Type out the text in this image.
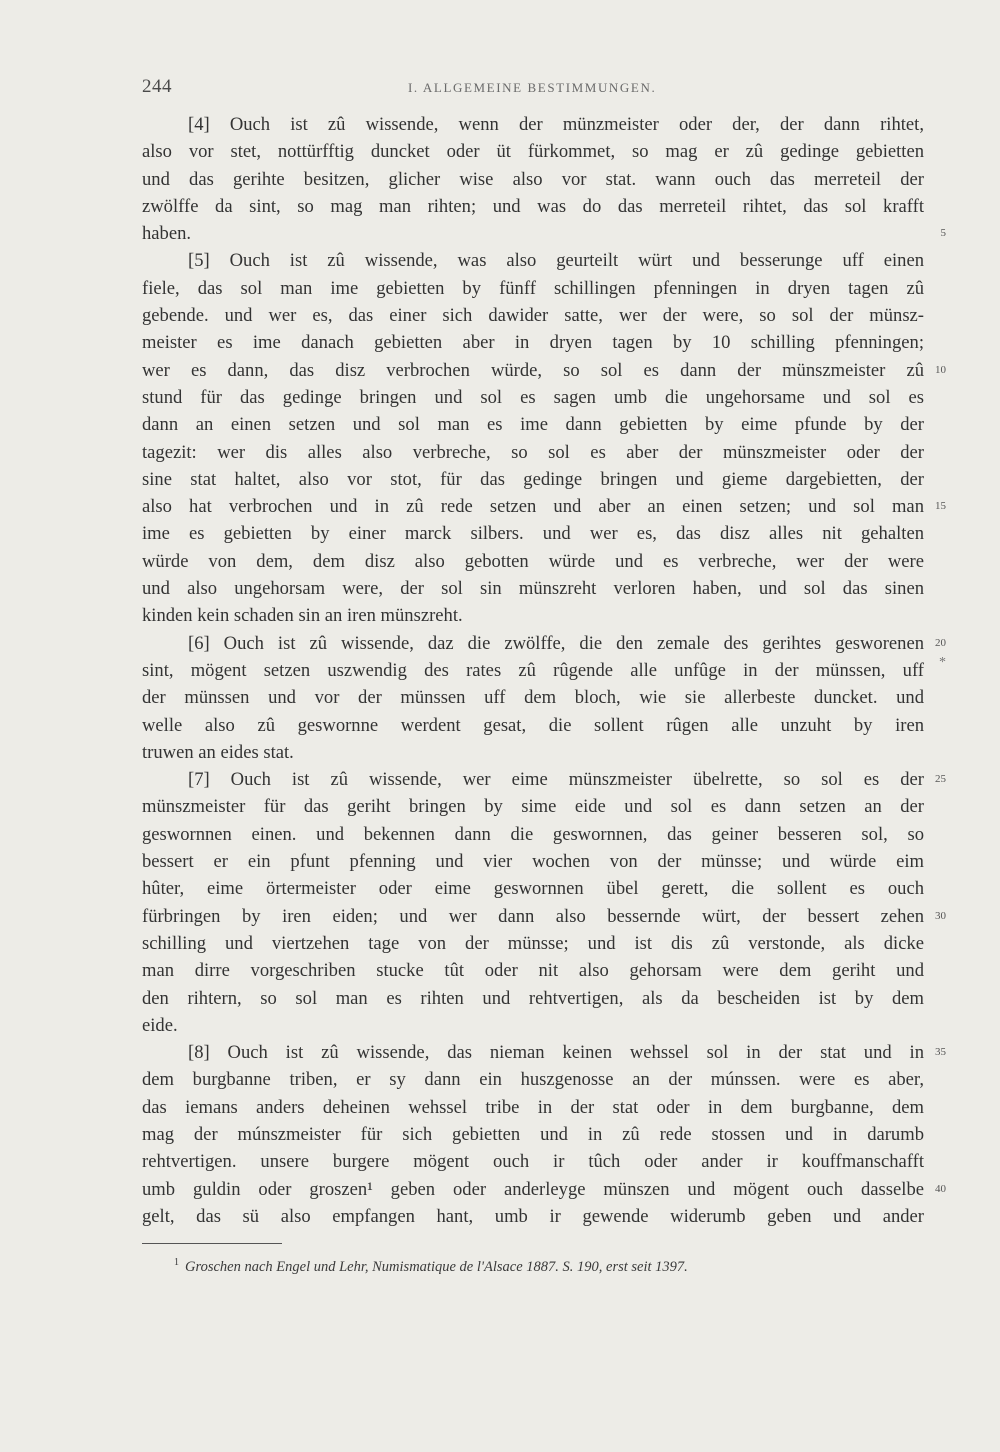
244	I. ALLGEMEINE BESTIMMUNGEN.
[4] Ouch ist zû wissende, wenn der münzmeister oder der, der dann rihtet,
also vor stet, nottürfftig duncket oder üt fürkommet, so mag er zû gedinge gebietten
und das gerihte besitzen, glicher wise also vor stat. wann ouch das merreteil der
zwölffe da sint, so mag man rihten; und was do das merreteil rihtet, das sol krafft
haben.	5
[5] Ouch ist zû wissende, was also geurteilt würt und besserunge uff einen
fiele, das sol man ime gebietten by fünff schillingen pfenningen in dryen tagen zû
gebende. und wer es, das einer sich dawider satte, wer der were, so sol der münsz-
meister es ime danach gebietten aber in dryen tagen by 10 schilling pfenningen;
wer es dann, das disz verbrochen würde, so sol es dann der münszmeister zû 10
stund für das gedinge bringen und sol es sagen umb die ungehorsame und sol es
dann an einen setzen und sol man es ime dann gebietten by eime pfunde by der
tagezit: wer dis alles also verbreche, so sol es aber der münszmeister oder der
sine stat haltet, also vor stot, für das gedinge bringen und gieme dargebietten, der
also hat verbrochen und in zû rede setzen und aber an einen setzen; und sol man 15
ime es gebietten by einer marck silbers. und wer es, das disz alles nit gehalten
würde von dem, dem disz also gebotten würde und es verbreche, wer der were
und also ungehorsam were, der sol sin münszreht verloren haben, und sol das sinen
kinden kein schaden sin an iren münszreht.
[6] Ouch ist zû wissende, daz die zwölffe, die den zemale des gerihtes gesworenen 20
sint, mögent setzen uszwendig des rates zû rûgende alle unfûge in der münssen, uff *
der münssen und vor der münssen uff dem bloch, wie sie allerbeste duncket. und
welle also zû geswornne werdent gesat, die sollent rûgen alle unzuht by iren
truwen an eides stat.
[7] Ouch ist zû wissende, wer eime münszmeister übelrette, so sol es der 25
münszmeister für das geriht bringen by sime eide und sol es dann setzen an der
geswornnen einen. und bekennen dann die geswornnen, das geiner besseren sol, so
bessert er ein pfunt pfenning und vier wochen von der münsse; und würde eim
hûter, eime örtermeister oder eime geswornnen übel gerett, die sollent es ouch
fürbringen by iren eiden; und wer dann also bessernde würt, der bessert zehen 30
schilling und viertzehen tage von der münsse; und ist dis zû verstonde, als dicke
man dirre vorgeschriben stucke tût oder nit also gehorsam were dem geriht und
den rihtern, so sol man es rihten und rehtvertigen, als da bescheiden ist by dem
eide.
[8] Ouch ist zû wissende, das nieman keinen wehssel sol in der stat und in 35
dem burgbanne triben, er sy dann ein huszgenosse an der múnssen. were es aber,
das iemans anders deheinen wehssel tribe in der stat oder in dem burgbanne, dem
mag der múnszmeister für sich gebietten und in zû rede stossen und in darumb
rehtvertigen. unsere burgere mögent ouch ir tûch oder ander ir kouffmanschafft
umb guldin oder groszen¹ geben oder anderleyge münszen und mögent ouch dasselbe 40
gelt, das sü also empfangen hant, umb ir gewende widerumb geben und ander
$^1$ Groschen nach Engel und Lehr, Numismatique de l'Alsace 1887. S. 190, erst seit 1397.
